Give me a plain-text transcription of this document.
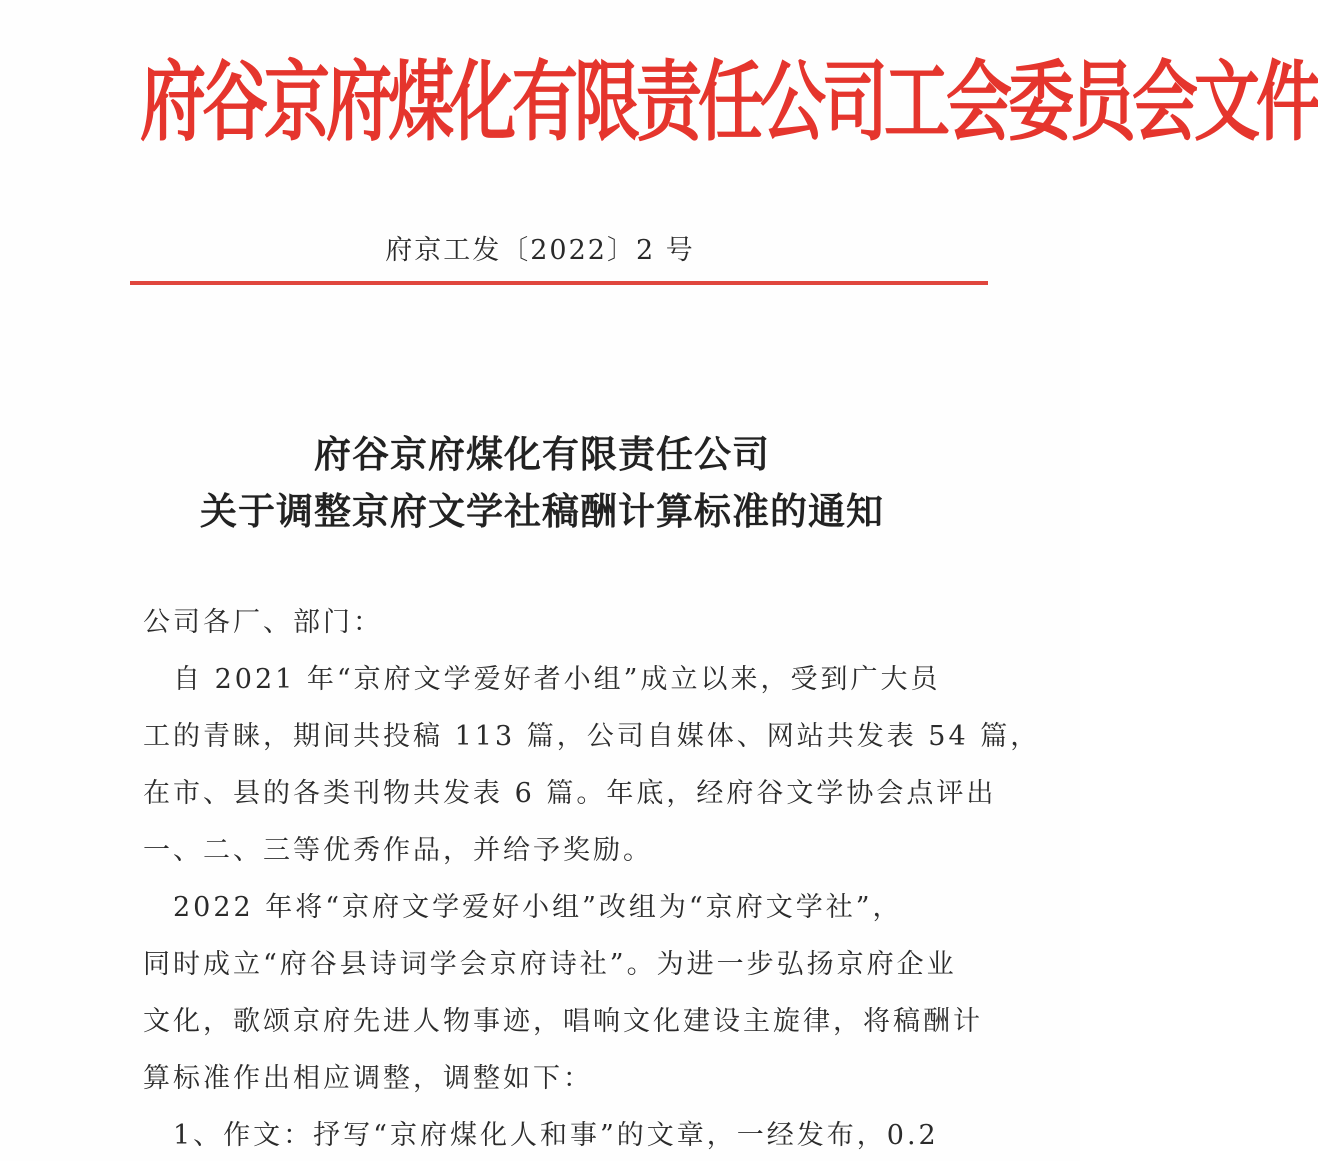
府谷京府煤化有限责任公司工会委员会文件
府京工发〔2022〕2 号
府谷京府煤化有限责任公司
关于调整京府文学社稿酬计算标准的通知
公司各厂、部门：
　自 2021 年“京府文学爱好者小组”成立以来，受到广大员
工的青睐，期间共投稿 113 篇，公司自媒体、网站共发表 54 篇，
在市、县的各类刊物共发表 6 篇。年底，经府谷文学协会点评出
一、二、三等优秀作品，并给予奖励。
　2022 年将“京府文学爱好小组”改组为“京府文学社”，
同时成立“府谷县诗词学会京府诗社”。为进一步弘扬京府企业
文化，歌颂京府先进人物事迹，唱响文化建设主旋律，将稿酬计
算标准作出相应调整，调整如下：
　1、作文：抒写“京府煤化人和事”的文章，一经发布，0.2
